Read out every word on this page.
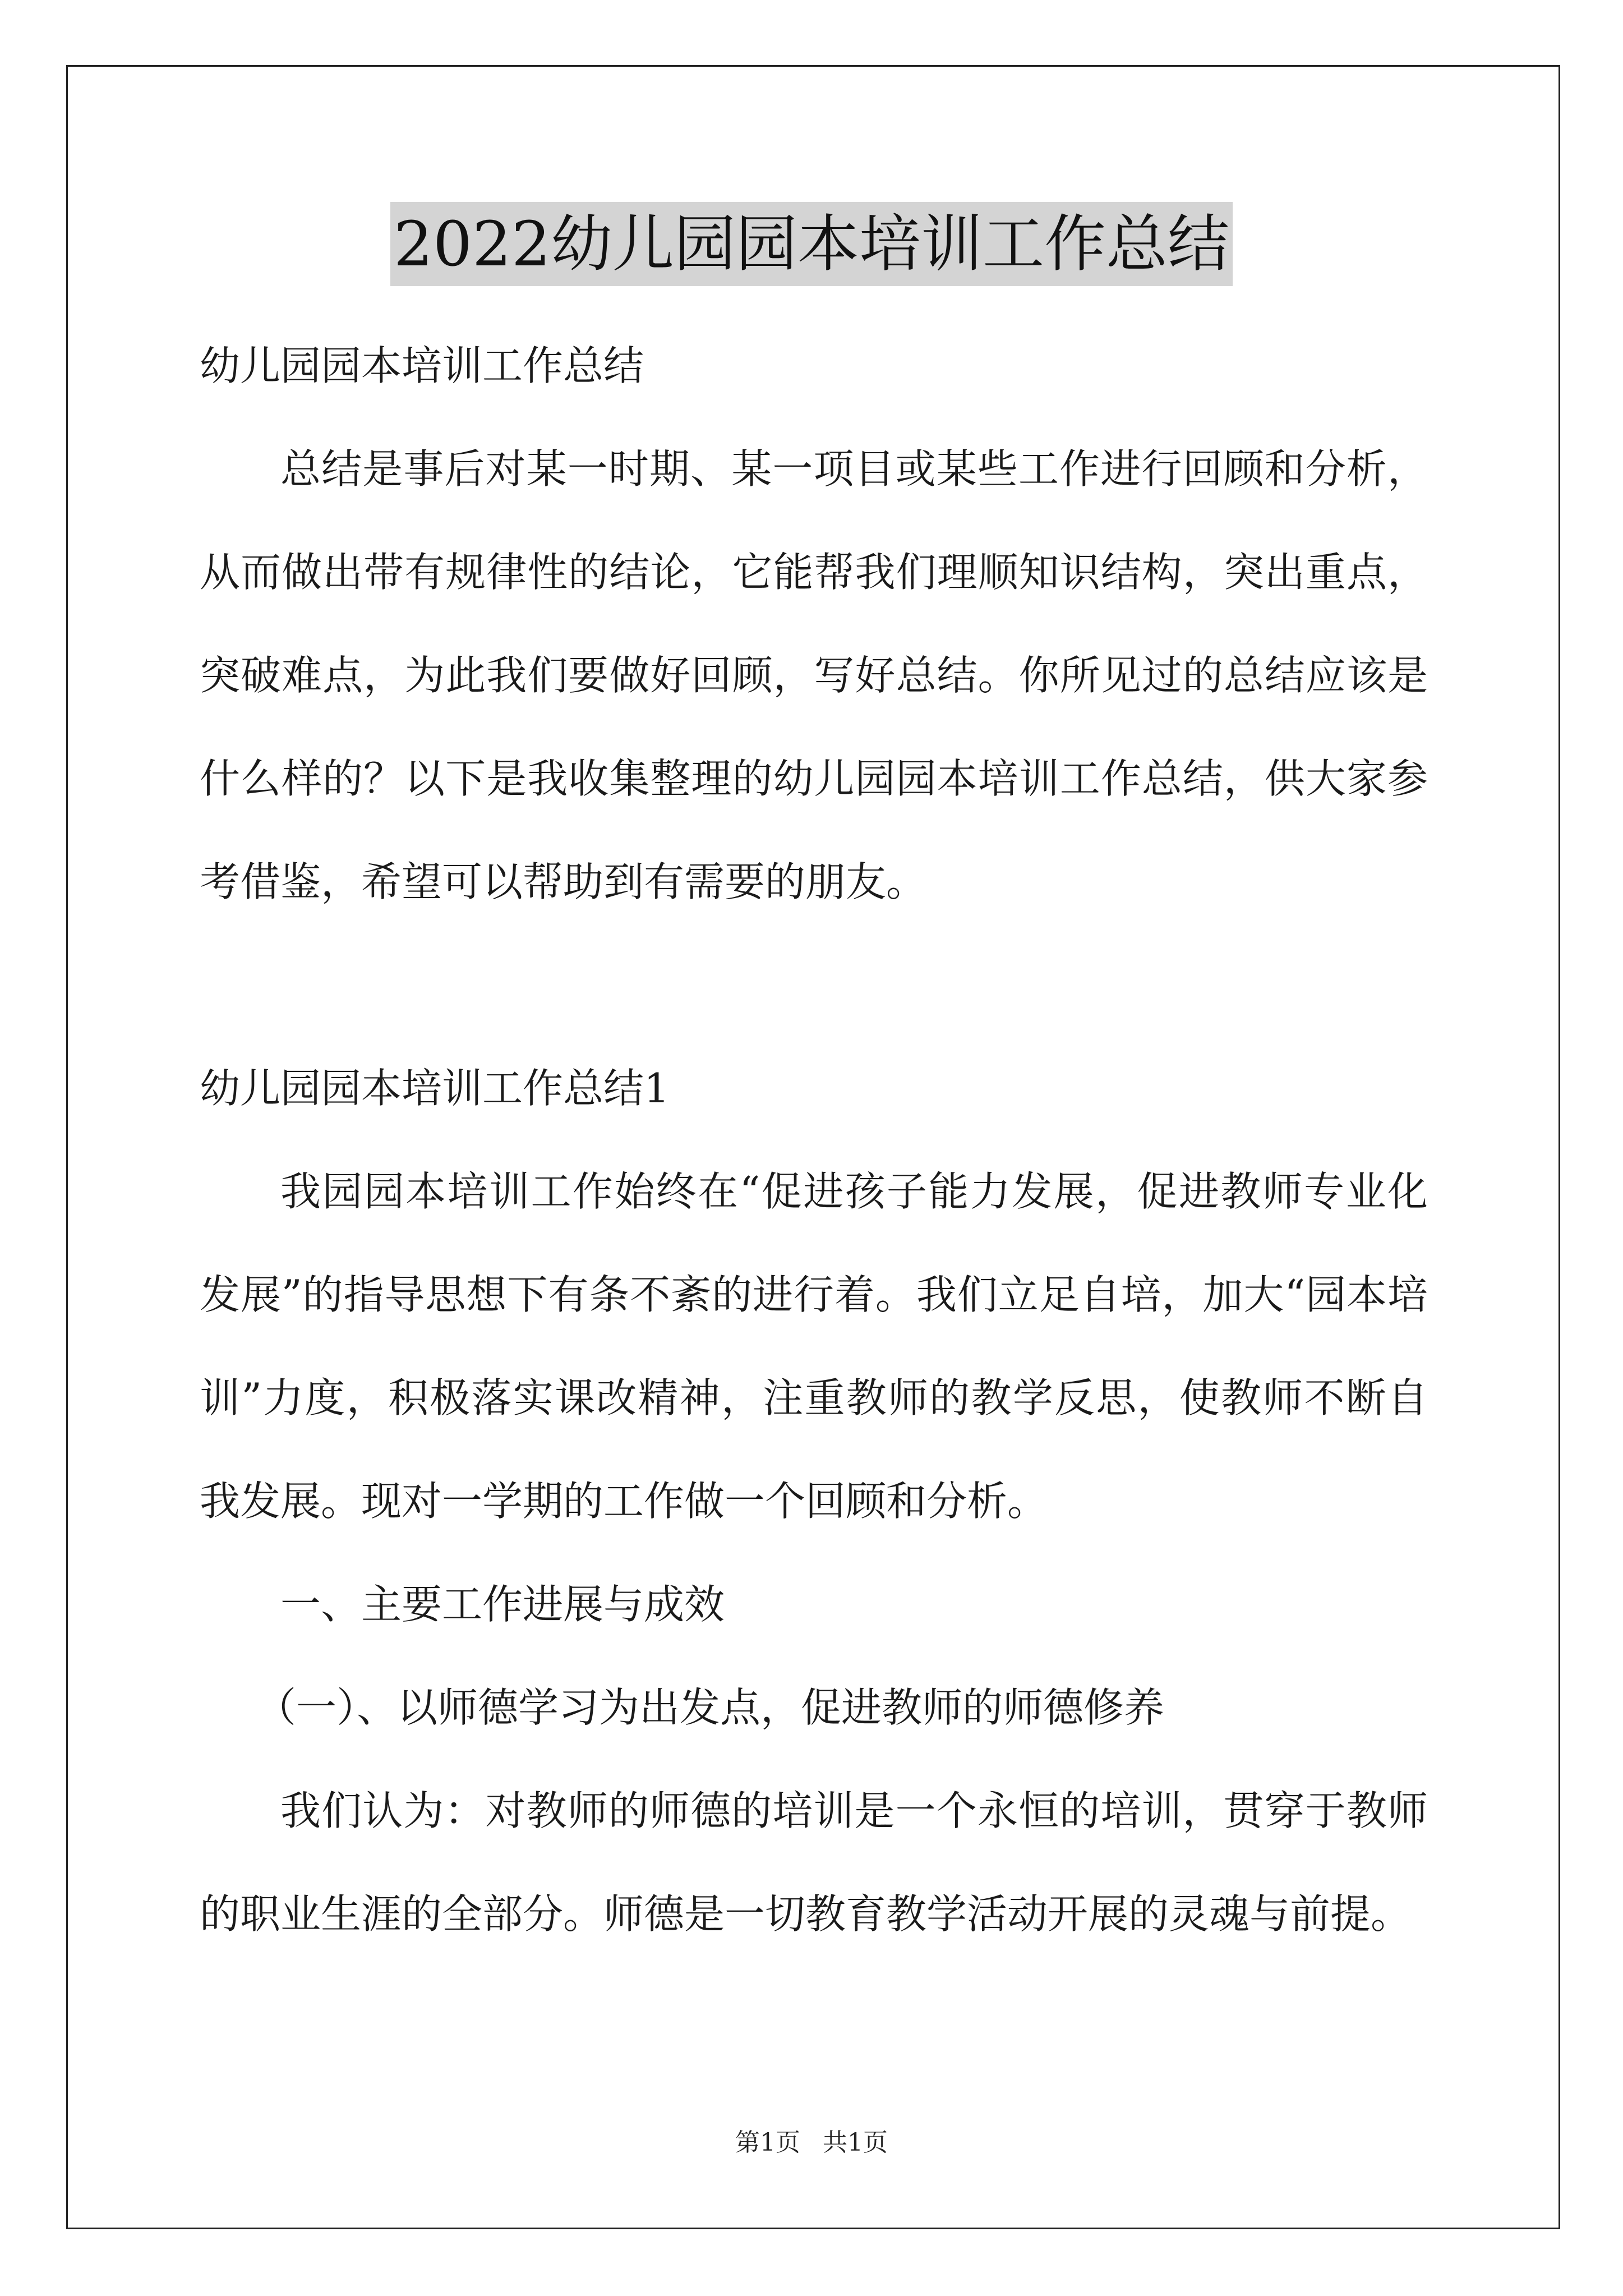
2022幼儿园园本培训工作总结

幼儿园园本培训工作总结

总结是事后对某一时期、某一项目或某些工作进行回顾和分析，从而做出带有规律性的结论，它能帮我们理顺知识结构，突出重点，突破难点，为此我们要做好回顾，写好总结。你所见过的总结应该是什么样的？以下是我收集整理的幼儿园园本培训工作总结，供大家参考借鉴，希望可以帮助到有需要的朋友。

幼儿园园本培训工作总结1

我园园本培训工作始终在“促进孩子能力发展，促进教师专业化发展”的指导思想下有条不紊的进行着。我们立足自培，加大“园本培训”力度，积极落实课改精神，注重教师的教学反思，使教师不断自我发展。现对一学期的工作做一个回顾和分析。

一、主要工作进展与成效

（一）、以师德学习为出发点，促进教师的师德修养

我们认为：对教师的师德的培训是一个永恒的培训，贯穿于教师的职业生涯的全部分。师德是一切教育教学活动开展的灵魂与前提。

第1页 共1页
